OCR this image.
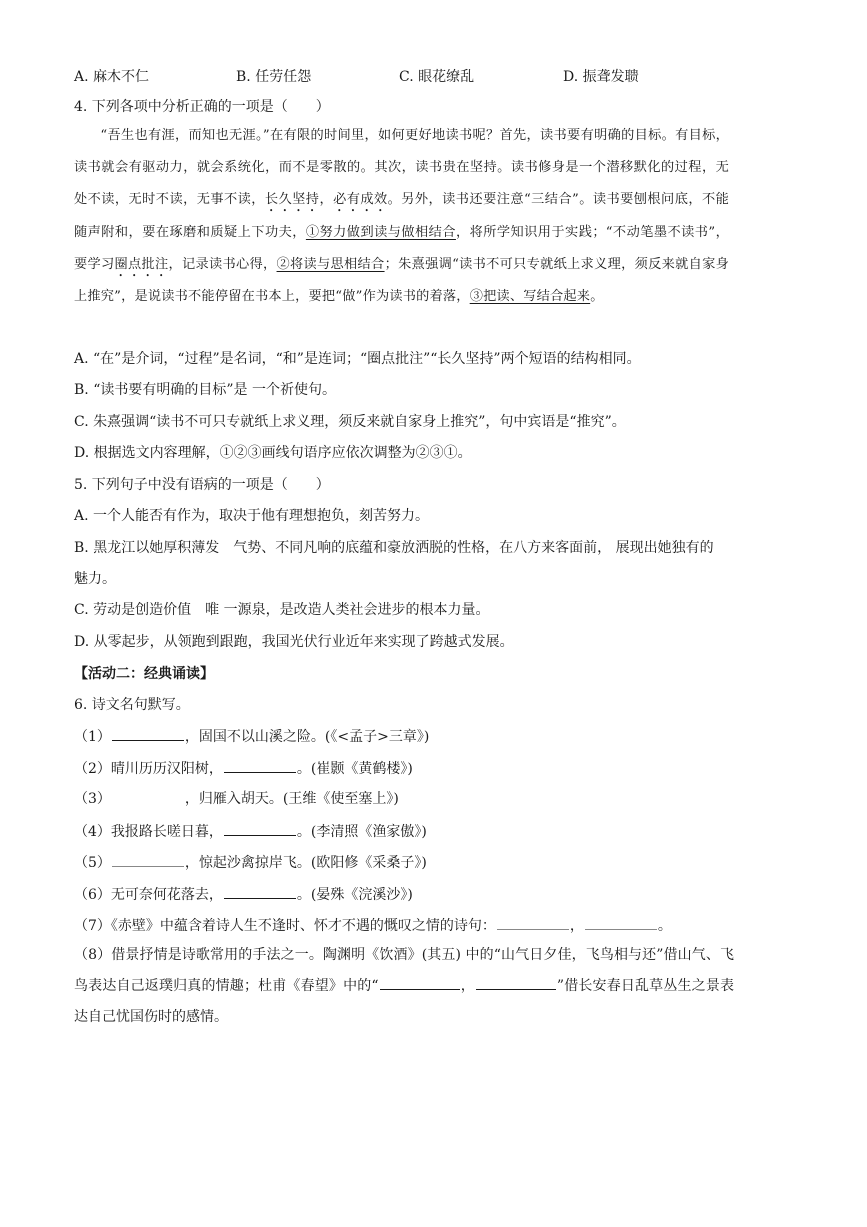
A. 麻木不仁	B. 任劳任怨	C. 眼花缭乱	D. 振聋发聩
4. 下列各项中分析正确的一项是（　　）
“吾生也有涯，而知也无涯。”在有限的时间里，如何更好地读书呢？首先，读书要有明确的目标。有目标，读书就会有驱动力，就会系统化，而不是零散的。其次，读书贵在坚持。读书修身是一个潜移默化的过程，无处不读，无时不读，无事不读，长久坚持，必有成效。另外，读书还要注意“三结合”。读书要刨根问底，不能随声附和，要在琢磨和质疑上下功夫，①努力做到读与做相结合，将所学知识用于实践；“不动笔墨不读书”，要学习圈点批注，记录读书心得，②将读与思相结合；朱熹强调“读书不可只专就纸上求义理，须反来就自家身上推究”，是说读书不能停留在书本上，要把“做”作为读书的着落，③把读、写结合起来。
A. “在”是介词，“过程”是名词，“和”是连词；“圈点批注”“长久坚持”两个短语的结构相同。
B. “读书要有明确的目标”是 一个祈使句。
C. 朱熹强调“读书不可只专就纸上求义理，须反来就自家身上推究”，句中宾语是“推究”。
D. 根据选文内容理解，①②③画线句语序应依次调整为②③①。
5. 下列句子中没有语病的一项是（　　）
A. 一个人能否有作为，取决于他有理想抱负，刻苦努力。
B. 黑龙江以她厚积薄发　气势、不同凡响的底蕴和豪放洒脱的性格，在八方来客面前， 展现出她独有的
魅力。
C. 劳动是创造价值　唯 一源泉，是改造人类社会进步的根本力量。
D. 从零起步，从领跑到跟跑，我国光伏行业近年来实现了跨越式发展。
【活动二：经典诵读】
6. 诗文名句默写。
（1）	，固国不以山溪之险。(《<孟子>三章》)
（2）晴川历历汉阳树，	。(崔颢《黄鹤楼》)
（3）	，归雁入胡天。(王维《使至塞上》)
（4）我报路长嗟日暮，	。(李清照《渔家傲》)
（5）	，惊起沙禽掠岸飞。(欧阳修《采桑子》)
（6）无可奈何花落去，	。(晏殊《浣溪沙》)
（7）《赤壁》中蕴含着诗人生不逢时、怀才不遇的慨叹之情的诗句：	，	。
（8）借景抒情是诗歌常用的手法之一。陶渊明《饮酒》(其五) 中的“山气日夕佳，飞鸟相与还”借山气、飞鸟表达自己返璞归真的情趣；杜甫《春望》中的“	，	”借长安春日乱草丛生之景表达自己忧国伤时的感情。
